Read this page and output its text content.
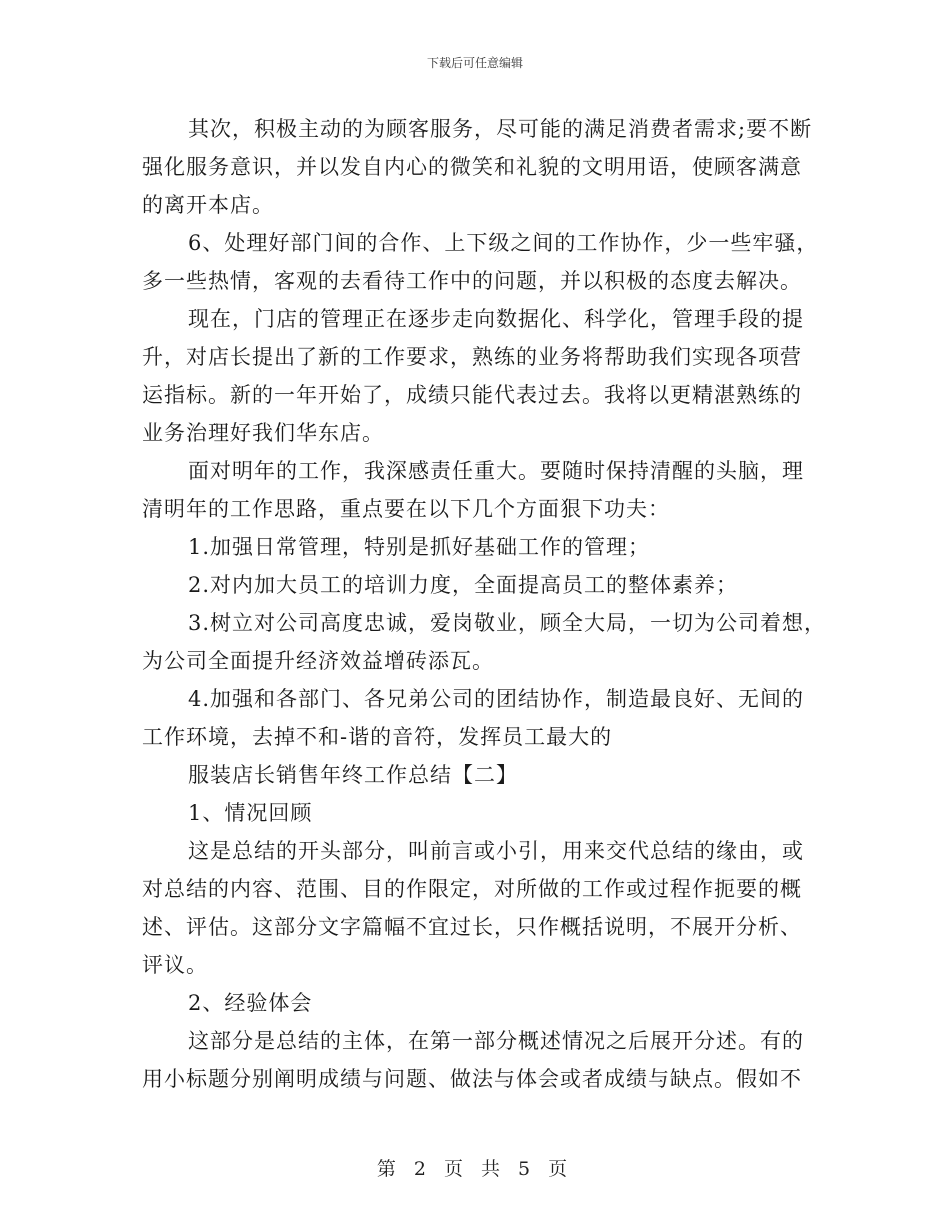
下载后可任意编辑
其次，积极主动的为顾客服务，尽可能的满足消费者需求;要不断
强化服务意识，并以发自内心的微笑和礼貌的文明用语，使顾客满意
的离开本店。
6、处理好部门间的合作、上下级之间的工作协作，少一些牢骚，
多一些热情，客观的去看待工作中的问题，并以积极的态度去解决。
现在，门店的管理正在逐步走向数据化、科学化，管理手段的提
升，对店长提出了新的工作要求，熟练的业务将帮助我们实现各项营
运指标。新的一年开始了，成绩只能代表过去。我将以更精湛熟练的
业务治理好我们华东店。
面对明年的工作，我深感责任重大。要随时保持清醒的头脑，理
清明年的工作思路，重点要在以下几个方面狠下功夫：
1.加强日常管理，特别是抓好基础工作的管理；
2.对内加大员工的培训力度，全面提高员工的整体素养；
3.树立对公司高度忠诚，爱岗敬业，顾全大局，一切为公司着想，
为公司全面提升经济效益增砖添瓦。
4.加强和各部门、各兄弟公司的团结协作，制造最良好、无间的
工作环境，去掉不和-谐的音符，发挥员工最大的
服装店长销售年终工作总结【二】
1、情况回顾
这是总结的开头部分，叫前言或小引，用来交代总结的缘由，或
对总结的内容、范围、目的作限定，对所做的工作或过程作扼要的概
述、评估。这部分文字篇幅不宜过长，只作概括说明，不展开分析、
评议。
2、经验体会
这部分是总结的主体，在第一部分概述情况之后展开分述。有的
用小标题分别阐明成绩与问题、做法与体会或者成绩与缺点。假如不
第 2 页 共 5 页
